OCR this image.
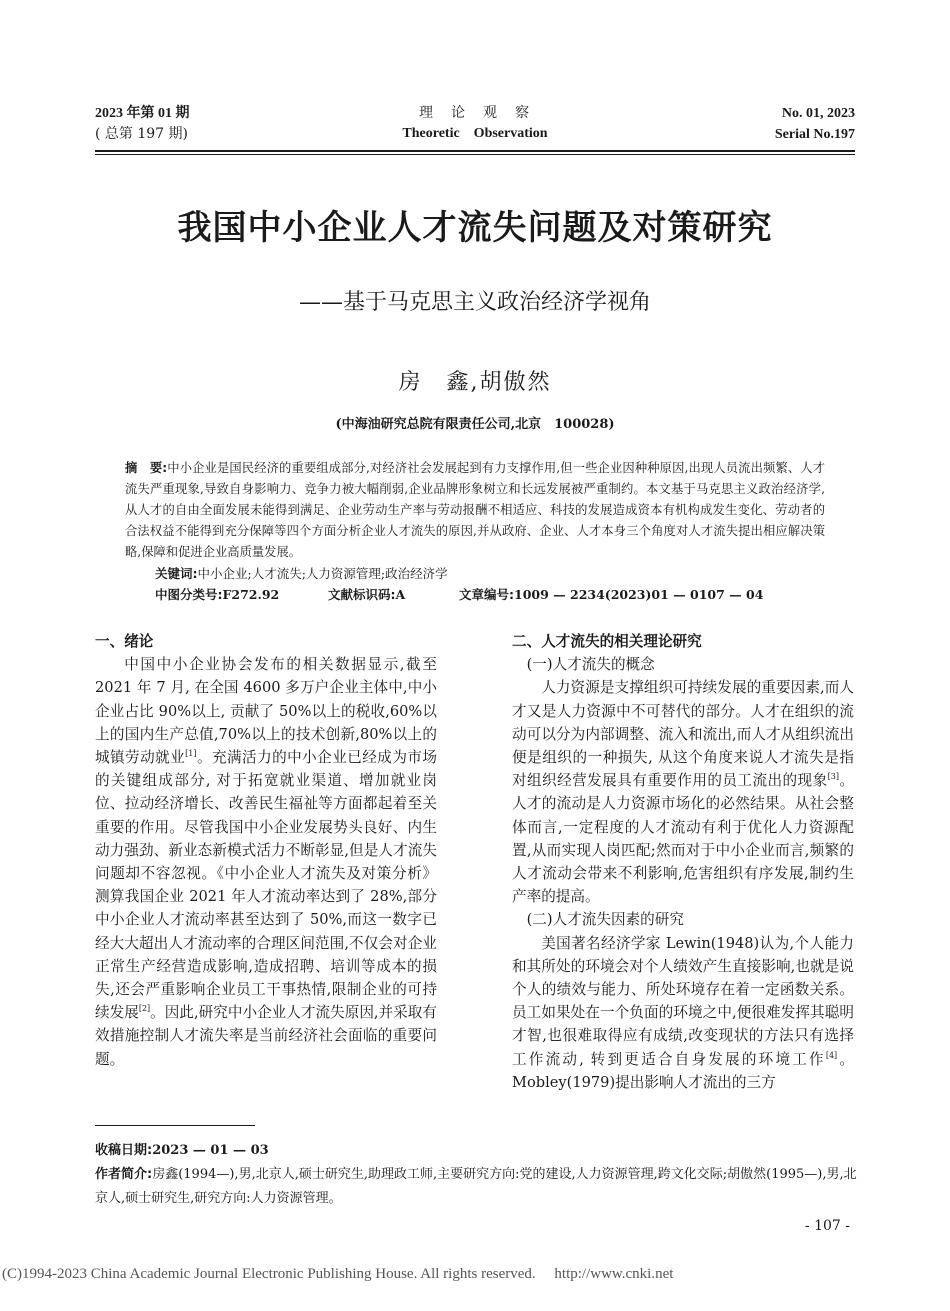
2023 年第 01 期
( 总第 197 期)
理　论　观　察
Theoretic　Observation
No. 01, 2023
Serial No.197
我国中小企业人才流失问题及对策研究
——基于马克思主义政治经济学视角
房　鑫,胡傲然
(中海油研究总院有限责任公司,北京　100028)
摘　要:中小企业是国民经济的重要组成部分,对经济社会发展起到有力支撑作用,但一些企业因种种原因,出现人员流出频繁、人才流失严重现象,导致自身影响力、竞争力被大幅削弱,企业品牌形象树立和长远发展被严重制约。本文基于马克思主义政治经济学,从人才的自由全面发展未能得到满足、企业劳动生产率与劳动报酬不相适应、科技的发展造成资本有机构成发生变化、劳动者的合法权益不能得到充分保障等四个方面分析企业人才流失的原因,并从政府、企业、人才本身三个角度对人才流失提出相应解决策略,保障和促进企业高质量发展。
关键词:中小企业;人才流失;人力资源管理;政治经济学
中图分类号:F272.92	文献标识码:A	文章编号:1009 — 2234(2023)01 — 0107 — 04
一、绪论

中国中小企业协会发布的相关数据显示,截至 2021 年 7 月, 在全国 4600 多万户企业主体中,中小企业占比 90%以上, 贡献了 50%以上的税收,60%以上的国内生产总值,70%以上的技术创新,80%以上的城镇劳动就业[1]。充满活力的中小企业已经成为市场的关键组成部分, 对于拓宽就业渠道、增加就业岗位、拉动经济增长、改善民生福祉等方面都起着至关重要的作用。尽管我国中小企业发展势头良好、内生动力强劲、新业态新模式活力不断彰显,但是人才流失问题却不容忽视。《中小企业人才流失及对策分析》测算我国企业 2021 年人才流动率达到了 28%,部分中小企业人才流动率甚至达到了 50%,而这一数字已经大大超出人才流动率的合理区间范围,不仅会对企业正常生产经营造成影响,造成招聘、培训等成本的损失,还会严重影响企业员工干事热情,限制企业的可持续发展[2]。因此,研究中小企业人才流失原因,并采取有效措施控制人才流失率是当前经济社会面临的重要问题。

二、人才流失的相关理论研究
(一)人才流失的概念

人力资源是支撑组织可持续发展的重要因素,而人才又是人力资源中不可替代的部分。人才在组织的流动可以分为内部调整、流入和流出,而人才从组织流出便是组织的一种损失, 从这个角度来说人才流失是指对组织经营发展具有重要作用的员工流出的现象[3]。人才的流动是人力资源市场化的必然结果。从社会整体而言,一定程度的人才流动有利于优化人力资源配置,从而实现人岗匹配;然而对于中小企业而言,频繁的人才流动会带来不利影响,危害组织有序发展,制约生产率的提高。

(二)人才流失因素的研究

美国著名经济学家 Lewin(1948)认为,个人能力和其所处的环境会对个人绩效产生直接影响,也就是说个人的绩效与能力、所处环境存在着一定函数关系。员工如果处在一个负面的环境之中,便很难发挥其聪明才智,也很难取得应有成绩,改变现状的方法只有选择工作流动, 转到更适合自身发展的环境工作[4]。Mobley(1979)提出影响人才流出的三方

收稿日期:2023 — 01 — 03
作者简介:房鑫(1994—),男,北京人,硕士研究生,助理政工师,主要研究方向:党的建设,人力资源管理,跨文化交际;胡傲然(1995—),男,北京人,硕士研究生,研究方向:人力资源管理。
- 107 -
(C)1994-2023 China Academic Journal Electronic Publishing House. All rights reserved.　 http://www.cnki.net
